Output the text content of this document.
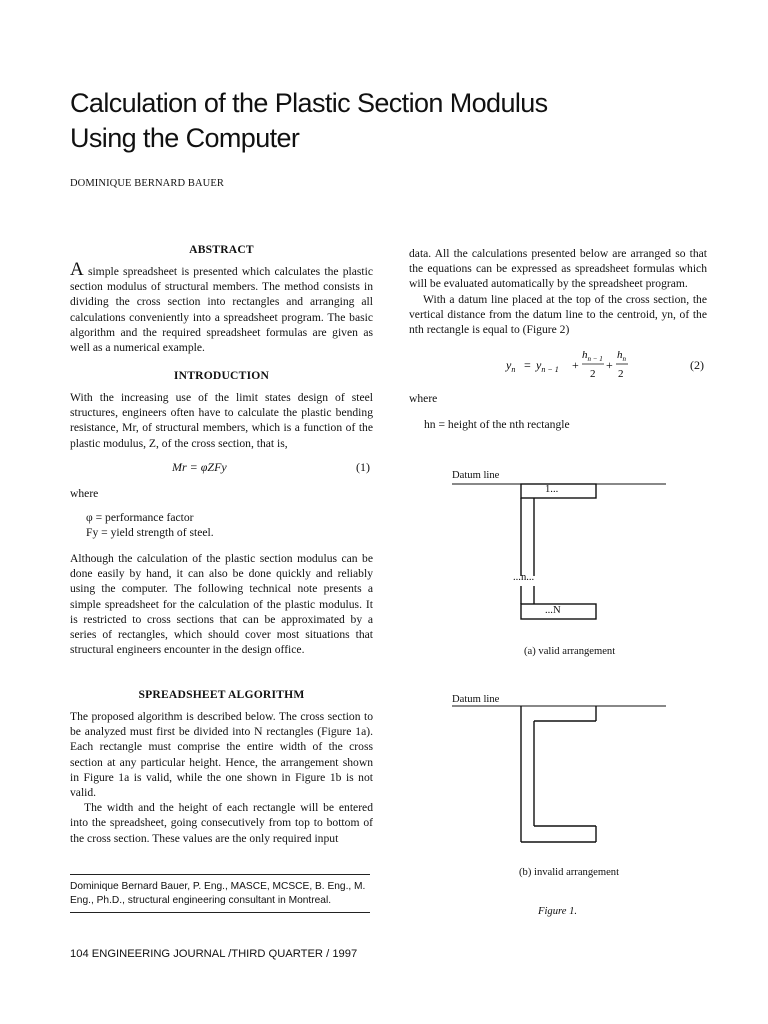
Calculation of the Plastic Section Modulus
Using the Computer
DOMINIQUE BERNARD BAUER
ABSTRACT

A simple spreadsheet is presented which calculates the plastic section modulus of structural members. The method consists in dividing the cross section into rectangles and arranging all calculations conveniently into a spreadsheet program. The basic algorithm and the required spreadsheet formulas are given as well as a numerical example.

INTRODUCTION
With the increasing use of the limit states design of steel structures, engineers often have to calculate the plastic bending resistance, Mr, of structural members, which is a function of the plastic modulus, Z, of the cross section, that is,
Mr = φZFy	(1)
where
φ = performance factor
Fy = yield strength of steel.
Although the calculation of the plastic section modulus can be done easily by hand, it can also be done quickly and reliably using the computer. The following technical note presents a simple spreadsheet for the calculation of the plastic modulus. It is restricted to cross sections that can be approximated by a series of rectangles, which should cover most situations that structural engineers encounter in the design office.
SPREADSHEET ALGORITHM

The proposed algorithm is described below. The cross section to be analyzed must first be divided into N rectangles (Figure 1a). Each rectangle must comprise the entire width of the cross section at any particular height. Hence, the arrangement shown in Figure 1a is valid, while the one shown in Figure 1b is not valid.

The width and the height of each rectangle will be entered into the spreadsheet, going consecutively from top to bottom of the cross section. These values are the only required input

Dominique Bernard Bauer, P. Eng., MASCE, MCSCE, B. Eng., M. Eng., Ph.D., structural engineering consultant in Montreal.
104 ENGINEERING JOURNAL /THIRD QUARTER / 1997

data. All the calculations presented below are arranged so that the equations can be expressed as spreadsheet formulas which will be evaluated automatically by the spreadsheet program.

With a datum line placed at the top of the cross section, the vertical distance from the datum line to the centroid, yn, of the nth rectangle is equal to (Figure 2)

$y_n = y_{n - 1}$ +
$h_{n - 1}$
2
+
$h_n$
2
(2)
where
hn = height of the nth rectangle
Datum line
1...
...n...
...N
(a) valid arrangement
Datum line
(b) invalid arrangement
Figure 1.
